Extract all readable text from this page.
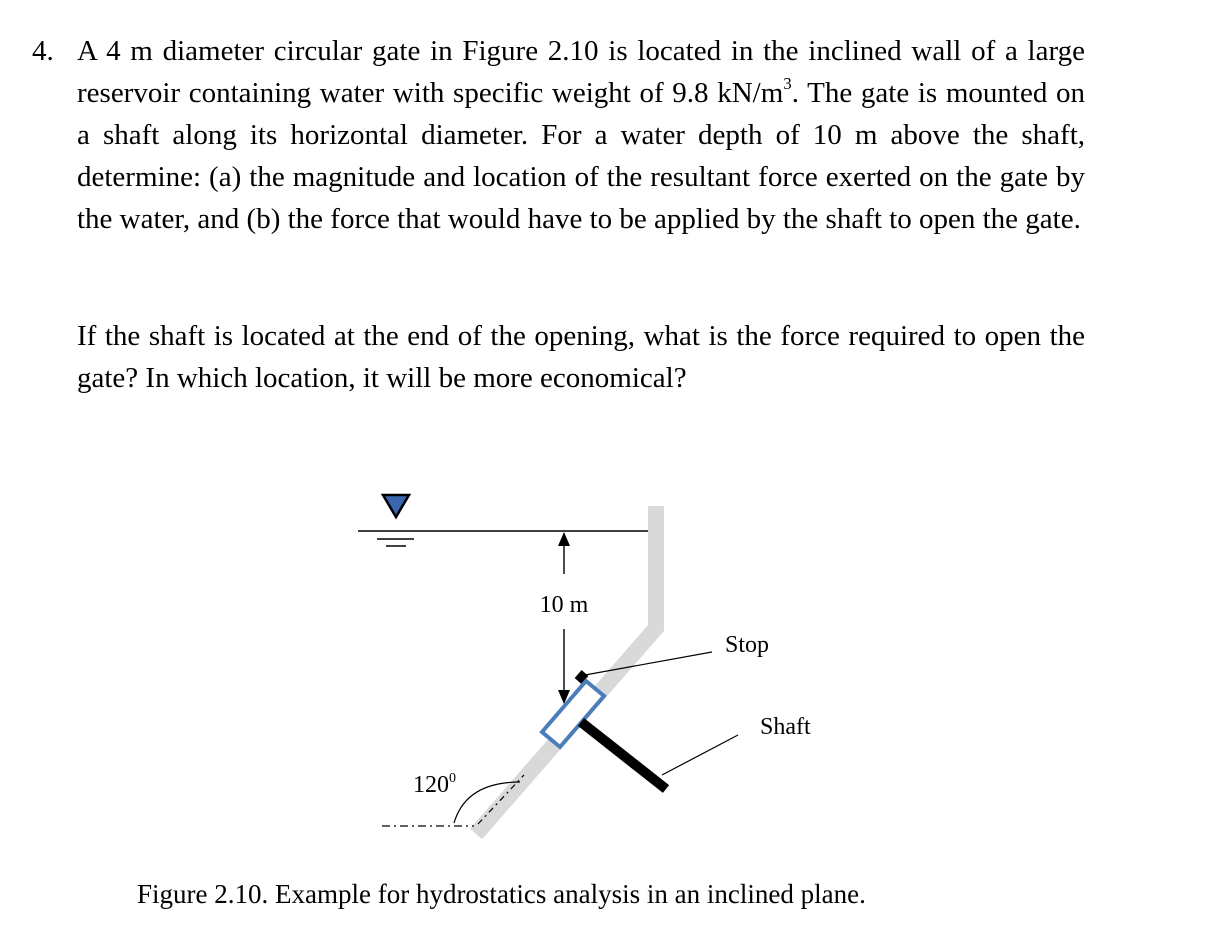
4. A 4 m diameter circular gate in Figure 2.10 is located in the inclined wall of a large reservoir containing water with specific weight of 9.8 $kN/m^3$. The gate is mounted on a shaft along its horizontal diameter. For a water depth of 10 m above the shaft, determine: (a) the magnitude and location of the resultant force exerted on the gate by the water, and (b) the force that would have to be applied by the shaft to open the gate.

If the shaft is located at the end of the opening, what is the force required to open the gate? In which location, it will be more economical?

10 m
Stop
Shaft
$120^0$
Figure 2.10. Example for hydrostatics analysis in an inclined plane.
